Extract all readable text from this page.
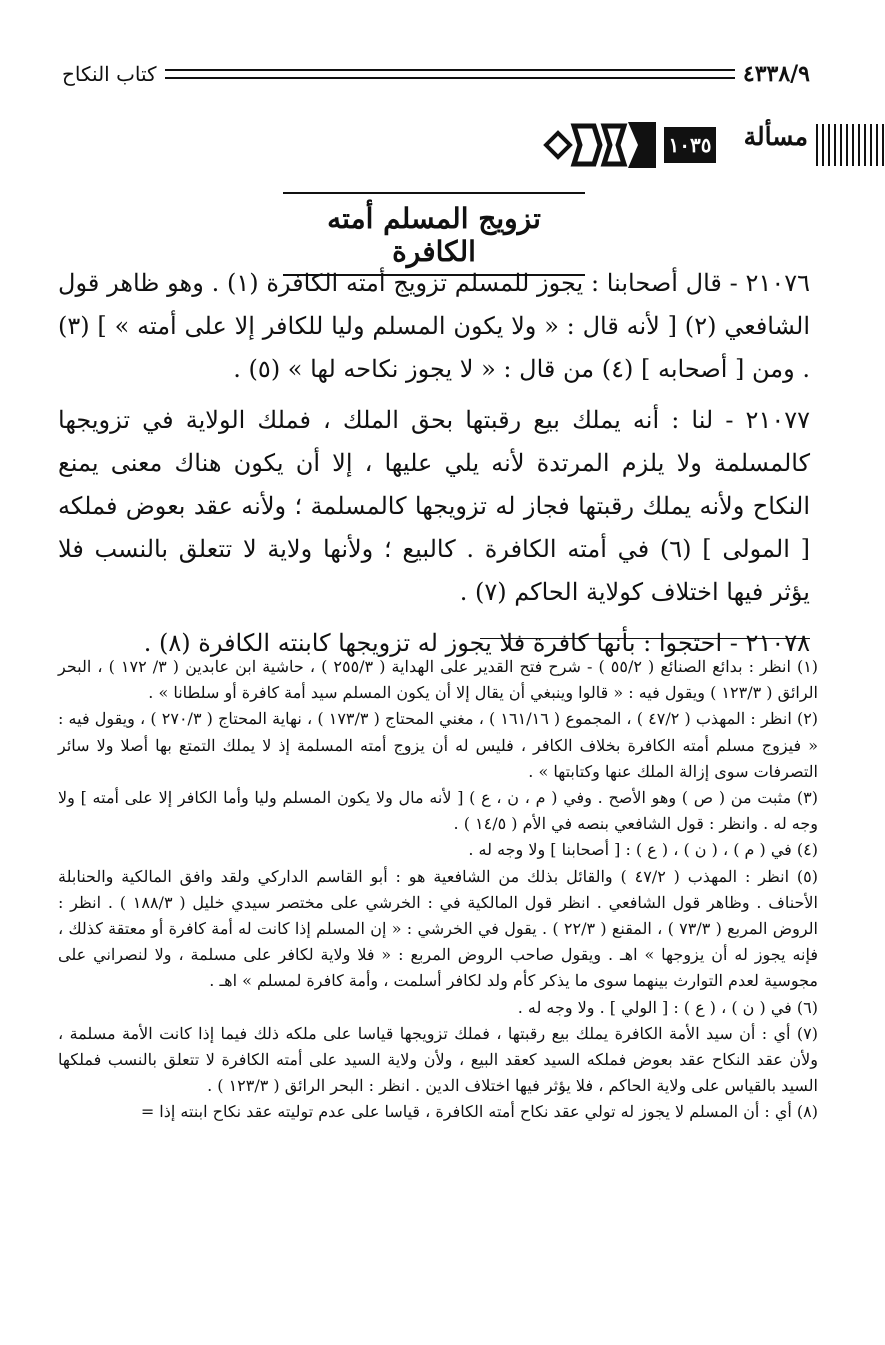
٤٣٣٨/٩
كتاب النكاح
مسألة
١٠٣٥
تزويج المسلم أمته الكافرة

٢١٠٧٦ - قال أصحابنا : يجوز للمسلم تزويج أمته الكافرة (١) . وهو ظاهر قول الشافعي (٢) [ لأنه قال : « ولا يكون المسلم وليا للكافر إلا على أمته » ] (٣) . ومن [ أصحابه ] (٤) من قال : « لا يجوز نكاحه لها » (٥) .

٢١٠٧٧ - لنا : أنه يملك بيع رقبتها بحق الملك ، فملك الولاية في تزويجها كالمسلمة ولا يلزم المرتدة لأنه يلي عليها ، إلا أن يكون هناك معنى يمنع النكاح ولأنه يملك رقبتها فجاز له تزويجها كالمسلمة ؛ ولأنه عقد بعوض فملكه [ المولى ] (٦) في أمته الكافرة . كالبيع ؛ ولأنها ولاية لا تتعلق بالنسب فلا يؤثر فيها اختلاف كولاية الحاكم (٧) .

٢١٠٧٨ - احتجوا : بأنها كافرة فلا يجوز له تزويجها كابنته الكافرة (٨) .

(١) انظر : بدائع الصنائع ( ٥٥/٢ ) - شرح فتح القدير على الهداية ( ٢٥٥/٣ ) ، حاشية ابن عابدين ( ٣/ ١٧٢ ) ، البحر الرائق ( ١٢٣/٣ ) ويقول فيه : « قالوا وينبغي أن يقال إلا أن يكون المسلم سيد أمة كافرة أو سلطانا » .

(٢) انظر : المهذب ( ٤٧/٢ ) ، المجموع ( ١٦١/١٦ ) ، مغني المحتاج ( ١٧٣/٣ ) ، نهاية المحتاج ( ٢٧٠/٣ ) ، ويقول فيه : « فيزوج مسلم أمته الكافرة بخلاف الكافر ، فليس له أن يزوج أمته المسلمة إذ لا يملك التمتع بها أصلا ولا سائر التصرفات سوى إزالة الملك عنها وكتابتها » .

(٣) مثبت من ( ص ) وهو الأصح . وفي ( م ، ن ، ع ) [ لأنه مال ولا يكون المسلم وليا وأما الكافر إلا على أمته ] ولا وجه له . وانظر : قول الشافعي بنصه في الأم ( ١٤/٥ ) .

(٤) في ( م ) ، ( ن ) ، ( ع ) : [ أصحابنا ] ولا وجه له .

(٥) انظر : المهذب ( ٤٧/٢ ) والقائل بذلك من الشافعية هو : أبو القاسم الداركي ولقد وافق المالكية والحنابلة الأحناف . وظاهر قول الشافعي . انظر قول المالكية في : الخرشي على مختصر سيدي خليل ( ١٨٨/٣ ) . انظر : الروض المربع ( ٧٣/٣ ) ، المقنع ( ٢٢/٣ ) . يقول في الخرشي : « إن المسلم إذا كانت له أمة كافرة أو معتقة كذلك ، فإنه يجوز له أن يزوجها » اهـ . ويقول صاحب الروض المربع : « فلا ولاية لكافر على مسلمة ، ولا لنصراني على مجوسية لعدم التوارث بينهما سوى ما يذكر كأم ولد لكافر أسلمت ، وأمة كافرة لمسلم » اهـ .

(٦) في ( ن ) ، ( ع ) : [ الولي ] . ولا وجه له .

(٧) أي : أن سيد الأمة الكافرة يملك بيع رقبتها ، فملك تزويجها قياسا على ملكه ذلك فيما إذا كانت الأمة مسلمة ، ولأن عقد النكاح عقد بعوض فملكه السيد كعقد البيع ، ولأن ولاية السيد على أمته الكافرة لا تتعلق بالنسب فملكها السيد بالقياس على ولاية الحاكم ، فلا يؤثر فيها اختلاف الدين . انظر : البحر الرائق ( ١٢٣/٣ ) .

(٨) أي : أن المسلم لا يجوز له تولي عقد نكاح أمته الكافرة ، قياسا على عدم توليته عقد نكاح ابنته إذا =
